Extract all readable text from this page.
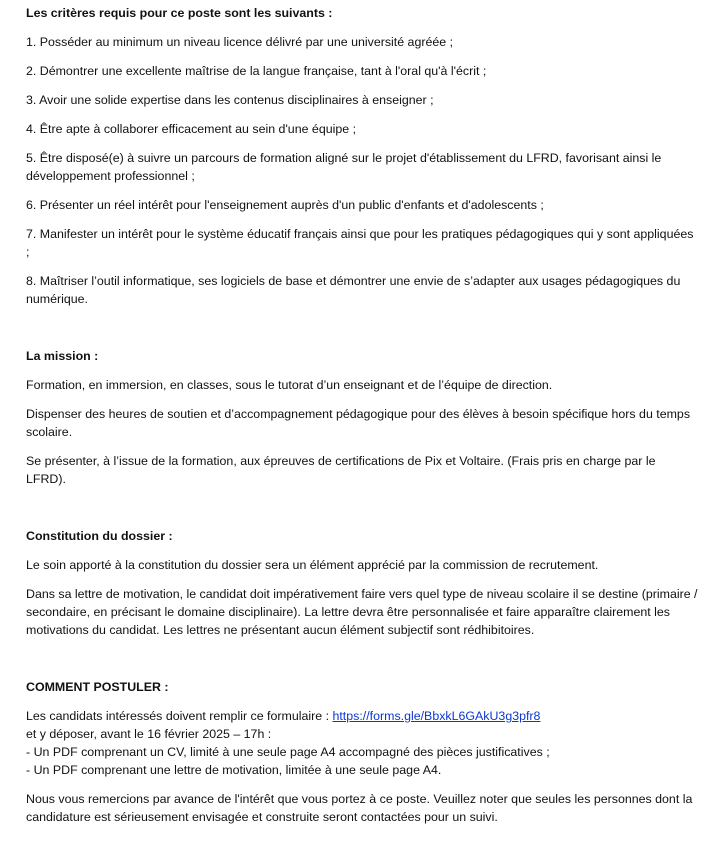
Les critères requis pour ce poste sont les suivants :

1. Posséder au minimum un niveau licence délivré par une université agréée ;

2. Démontrer une excellente maîtrise de la langue française, tant à l'oral qu'à l'écrit ;

3. Avoir une solide expertise dans les contenus disciplinaires à enseigner ;

4. Être apte à collaborer efficacement au sein d'une équipe ;

5. Être disposé(e) à suivre un parcours de formation aligné sur le projet d'établissement du LFRD, favorisant ainsi le développement professionnel ;

6. Présenter un réel intérêt pour l'enseignement auprès d'un public d'enfants et d'adolescents ;

7. Manifester un intérêt pour le système éducatif français ainsi que pour les pratiques pédagogiques qui y sont appliquées ;

8. Maîtriser l’outil informatique, ses logiciels de base et démontrer une envie de s’adapter aux usages pédagogiques du numérique.

La mission :

Formation, en immersion, en classes, sous le tutorat d’un enseignant et de l’équipe de direction.

Dispenser des heures de soutien et d’accompagnement pédagogique pour des élèves à besoin spécifique hors du temps scolaire.

Se présenter, à l’issue de la formation, aux épreuves de certifications de Pix et Voltaire. (Frais pris en charge par le LFRD).

Constitution du dossier :

Le soin apporté à la constitution du dossier sera un élément apprécié par la commission de recrutement.

Dans sa lettre de motivation, le candidat doit impérativement faire vers quel type de niveau scolaire il se destine (primaire / secondaire, en précisant le domaine disciplinaire). La lettre devra être personnalisée et faire apparaître clairement les motivations du candidat. Les lettres ne présentant aucun élément subjectif sont rédhibitoires.

COMMENT POSTULER :

Les candidats intéressés doivent remplir ce formulaire : https://forms.gle/BbxkL6GAkU3g3pfr8
et y déposer, avant le 16 février 2025 – 17h :
- Un PDF comprenant un CV, limité à une seule page A4 accompagné des pièces justificatives ;
- Un PDF comprenant une lettre de motivation, limitée à une seule page A4.

Nous vous remercions par avance de l'intérêt que vous portez à ce poste. Veuillez noter que seules les personnes dont la candidature est sérieusement envisagée et construite seront contactées pour un suivi.
